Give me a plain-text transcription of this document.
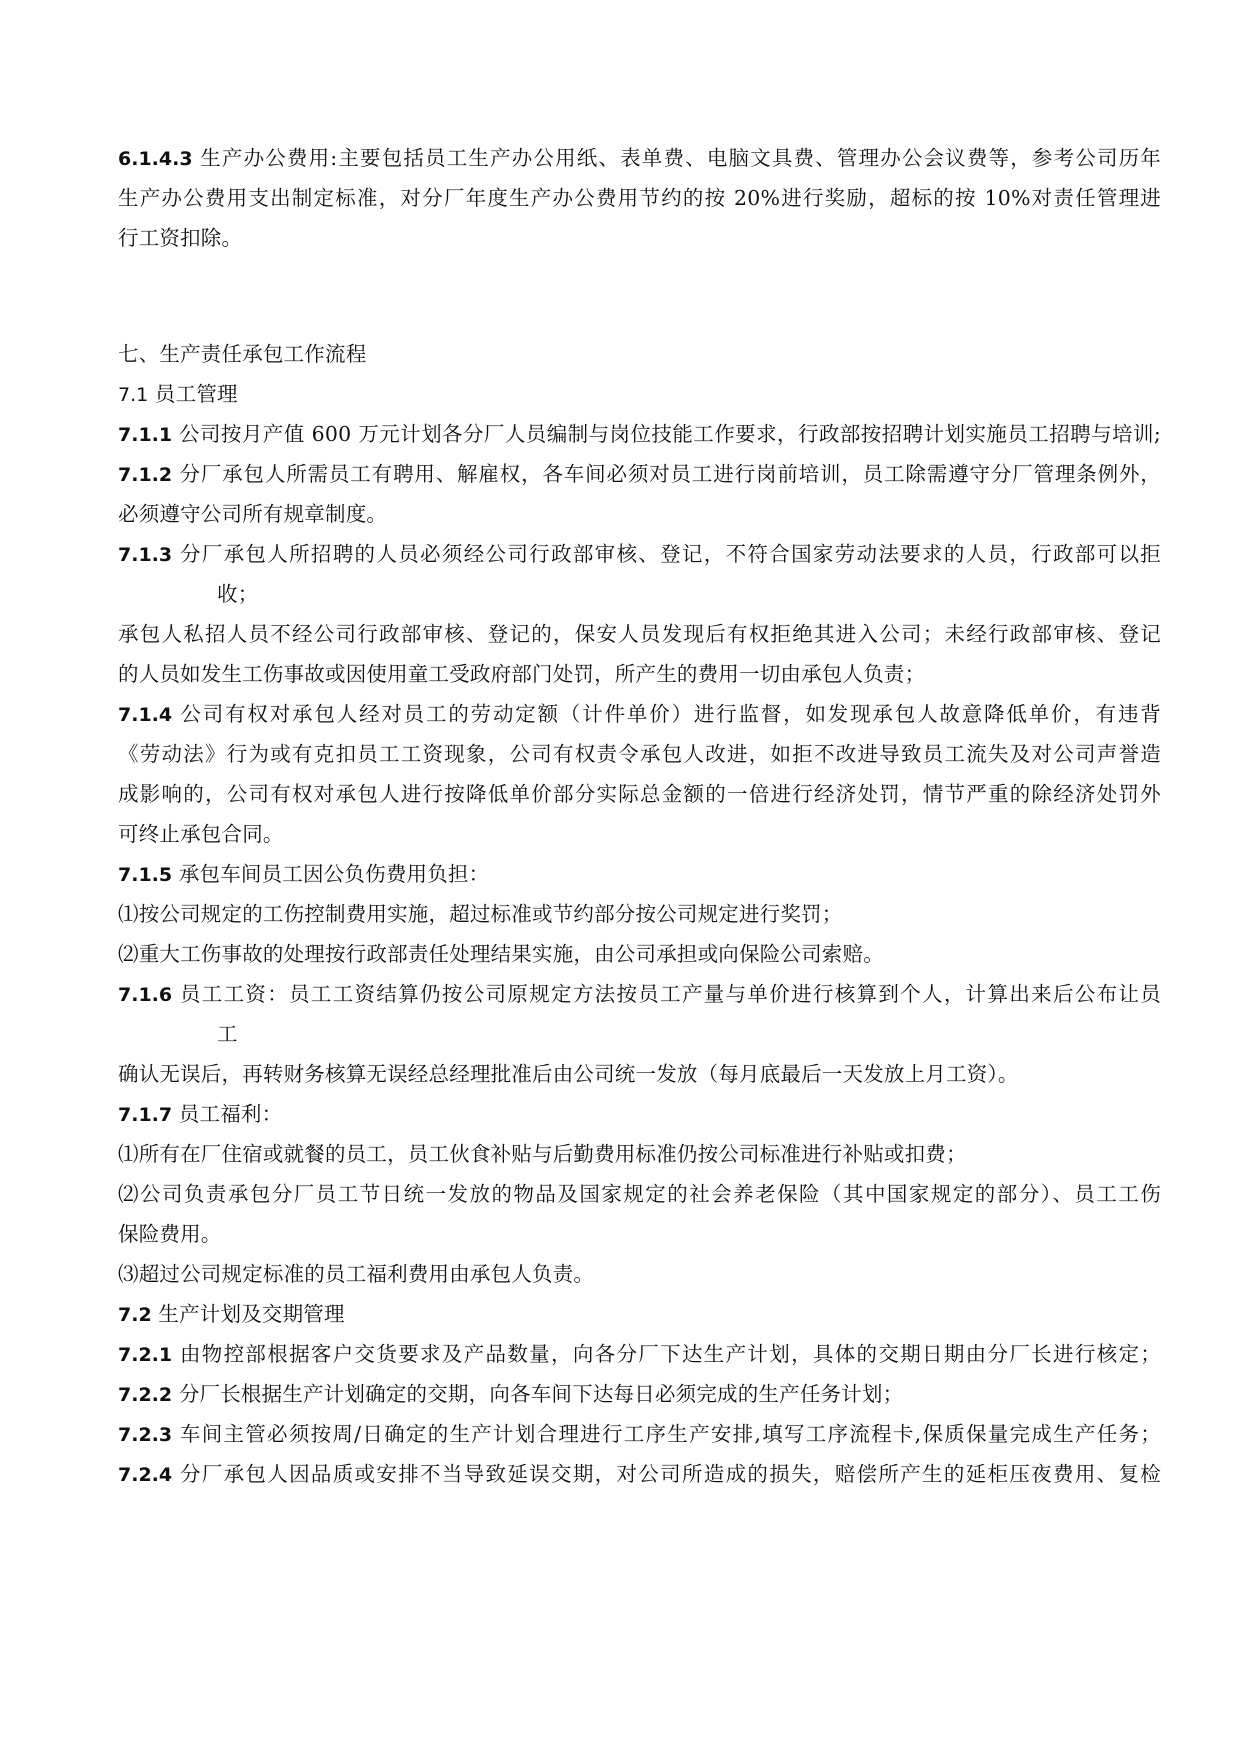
6.1.4.3 生产办公费用:主要包括员工生产办公用纸、表单费、电脑文具费、管理办公会议费等，参考公司历年
生产办公费用支出制定标准，对分厂年度生产办公费用节约的按 20%进行奖励，超标的按 10%对责任管理进
行工资扣除。
七、生产责任承包工作流程
7.1 员工管理
7.1.1 公司按月产值 600 万元计划各分厂人员编制与岗位技能工作要求，行政部按招聘计划实施员工招聘与培训;
7.1.2 分厂承包人所需员工有聘用、解雇权，各车间必须对员工进行岗前培训，员工除需遵守分厂管理条例外，
必须遵守公司所有规章制度。
7.1.3 分厂承包人所招聘的人员必须经公司行政部审核、登记，不符合国家劳动法要求的人员，行政部可以拒
收；
承包人私招人员不经公司行政部审核、登记的，保安人员发现后有权拒绝其进入公司；未经行政部审核、登记
的人员如发生工伤事故或因使用童工受政府部门处罚，所产生的费用一切由承包人负责；
7.1.4 公司有权对承包人经对员工的劳动定额（计件单价）进行监督，如发现承包人故意降低单价，有违背
《劳动法》行为或有克扣员工工资现象，公司有权责令承包人改进，如拒不改进导致员工流失及对公司声誉造
成影响的，公司有权对承包人进行按降低单价部分实际总金额的一倍进行经济处罚，情节严重的除经济处罚外
可终止承包合同。
7.1.5 承包车间员工因公负伤费用负担：
⑴按公司规定的工伤控制费用实施，超过标准或节约部分按公司规定进行奖罚；
⑵重大工伤事故的处理按行政部责任处理结果实施，由公司承担或向保险公司索赔。
7.1.6 员工工资：员工工资结算仍按公司原规定方法按员工产量与单价进行核算到个人，计算出来后公布让员
工
确认无误后，再转财务核算无误经总经理批准后由公司统一发放（每月底最后一天发放上月工资）。
7.1.7 员工福利：
⑴所有在厂住宿或就餐的员工，员工伙食补贴与后勤费用标准仍按公司标准进行补贴或扣费；
⑵公司负责承包分厂员工节日统一发放的物品及国家规定的社会养老保险（其中国家规定的部分）、员工工伤
保险费用。
⑶超过公司规定标准的员工福利费用由承包人负责。
7.2 生产计划及交期管理
7.2.1 由物控部根据客户交货要求及产品数量，向各分厂下达生产计划，具体的交期日期由分厂长进行核定；
7.2.2 分厂长根据生产计划确定的交期，向各车间下达每日必须完成的生产任务计划；
7.2.3 车间主管必须按周/日确定的生产计划合理进行工序生产安排,填写工序流程卡,保质保量完成生产任务；
7.2.4 分厂承包人因品质或安排不当导致延误交期，对公司所造成的损失，赔偿所产生的延柜压夜费用、复检
